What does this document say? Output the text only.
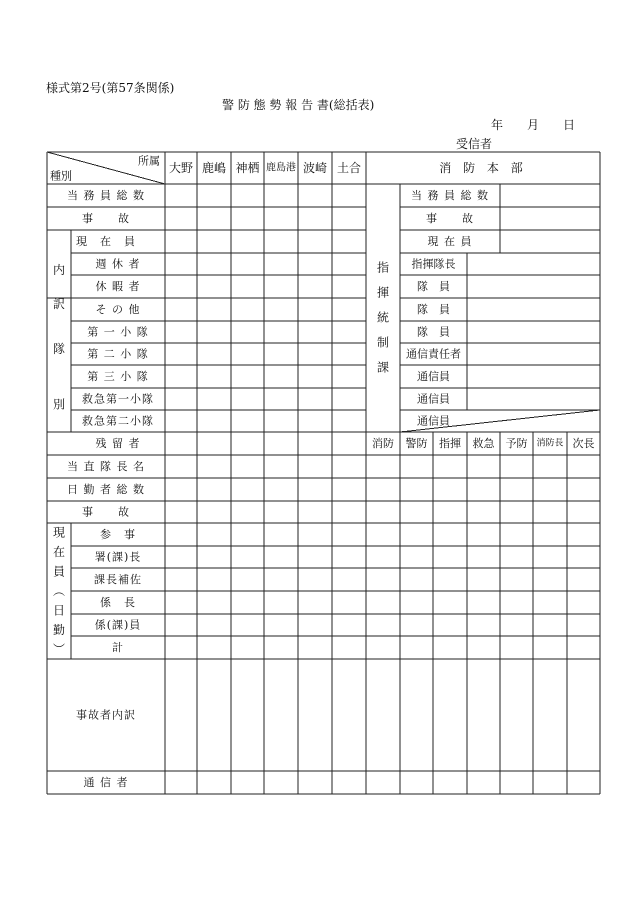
様式第2号(第57条関係)
警 防 態 勢 報 告 書(総括表)
年 月 日
受信者
所属
種別
大野 鹿嶋 神栖 鹿島港 波崎 土合	消 防 本 部
当 務 員 総 数
事　　故
現　在　員
週 休 者
休 暇 者
そ の 他
第 一 小 隊
第 二 小 隊
第 三 小 隊
救急第一小隊
救急第二小隊
残 留 者
当 直 隊 長 名
日 勤 者 総 数
事　　故
参　事
署(課)長
課長補佐
係　長
係(課)員
計
事故者内訳
通 信 者
内
訳
隊
別
現
在
員
︵
日
勤
︶
指
揮
統
制
課
当 務 員 総 数
事　　故
現 在 員
指揮隊長
隊　員
隊　員
隊　員
通信責任者
通信員
通信員
通信員
消防 警防 指揮 救急 予防 消防長 次長
